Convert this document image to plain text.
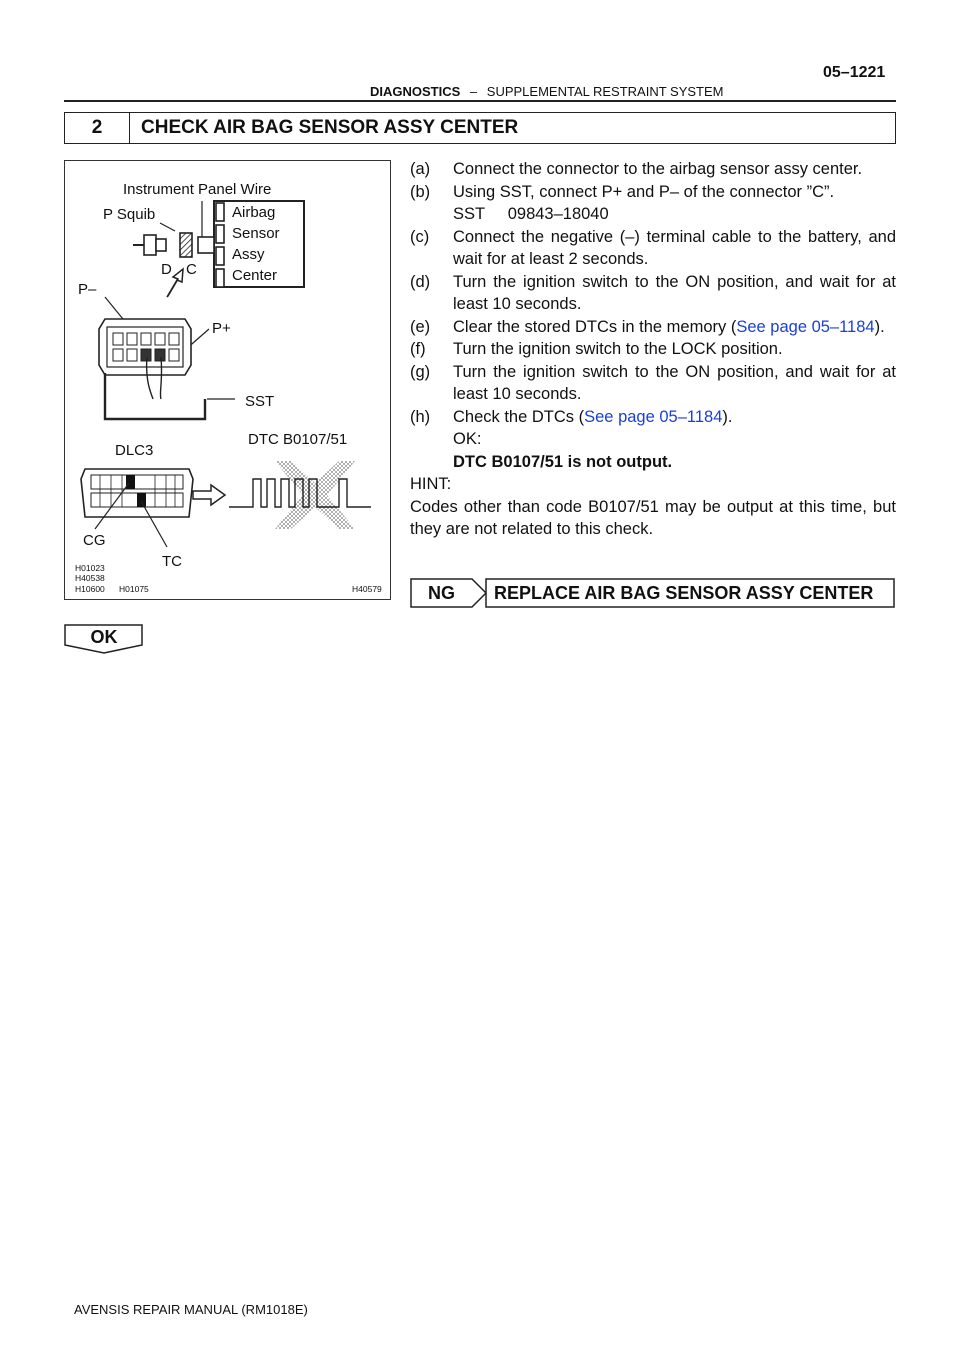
05–1221
DIAGNOSTICS – SUPPLEMENTAL RESTRAINT SYSTEM
2	CHECK AIR BAG SENSOR ASSY CENTER
Instrument Panel Wire
P Squib	Airbag
Sensor
Assy
Center
D C
P–
P+
SST
DTC B0107/51
DLC3
CG
TC
H01023
H40538
H10600 H01075	H40579
(a)	Connect the connector to the airbag sensor assy center.
(b)	Using SST, connect P+ and P– of the connector ”C”.
SST     09843–18040
(c)	Connect the negative (–) terminal cable to the battery, and wait for at least 2 seconds.
(d)	Turn the ignition switch to the ON position, and wait for at least 10 seconds.
(e)	Clear the stored DTCs in the memory (See page 05–1184).
(f)	Turn the ignition switch to the LOCK position.
(g)	Turn the ignition switch to the ON position, and wait for at least 10 seconds.
(h)	Check the DTCs (See page 05–1184).
OK:
DTC B0107/51 is not output.
HINT:
Codes other than code B0107/51 may be output at this time, but they are not related to this check.
NG REPLACE AIR BAG SENSOR ASSY CENTER
OK
AVENSIS REPAIR MANUAL (RM1018E)
